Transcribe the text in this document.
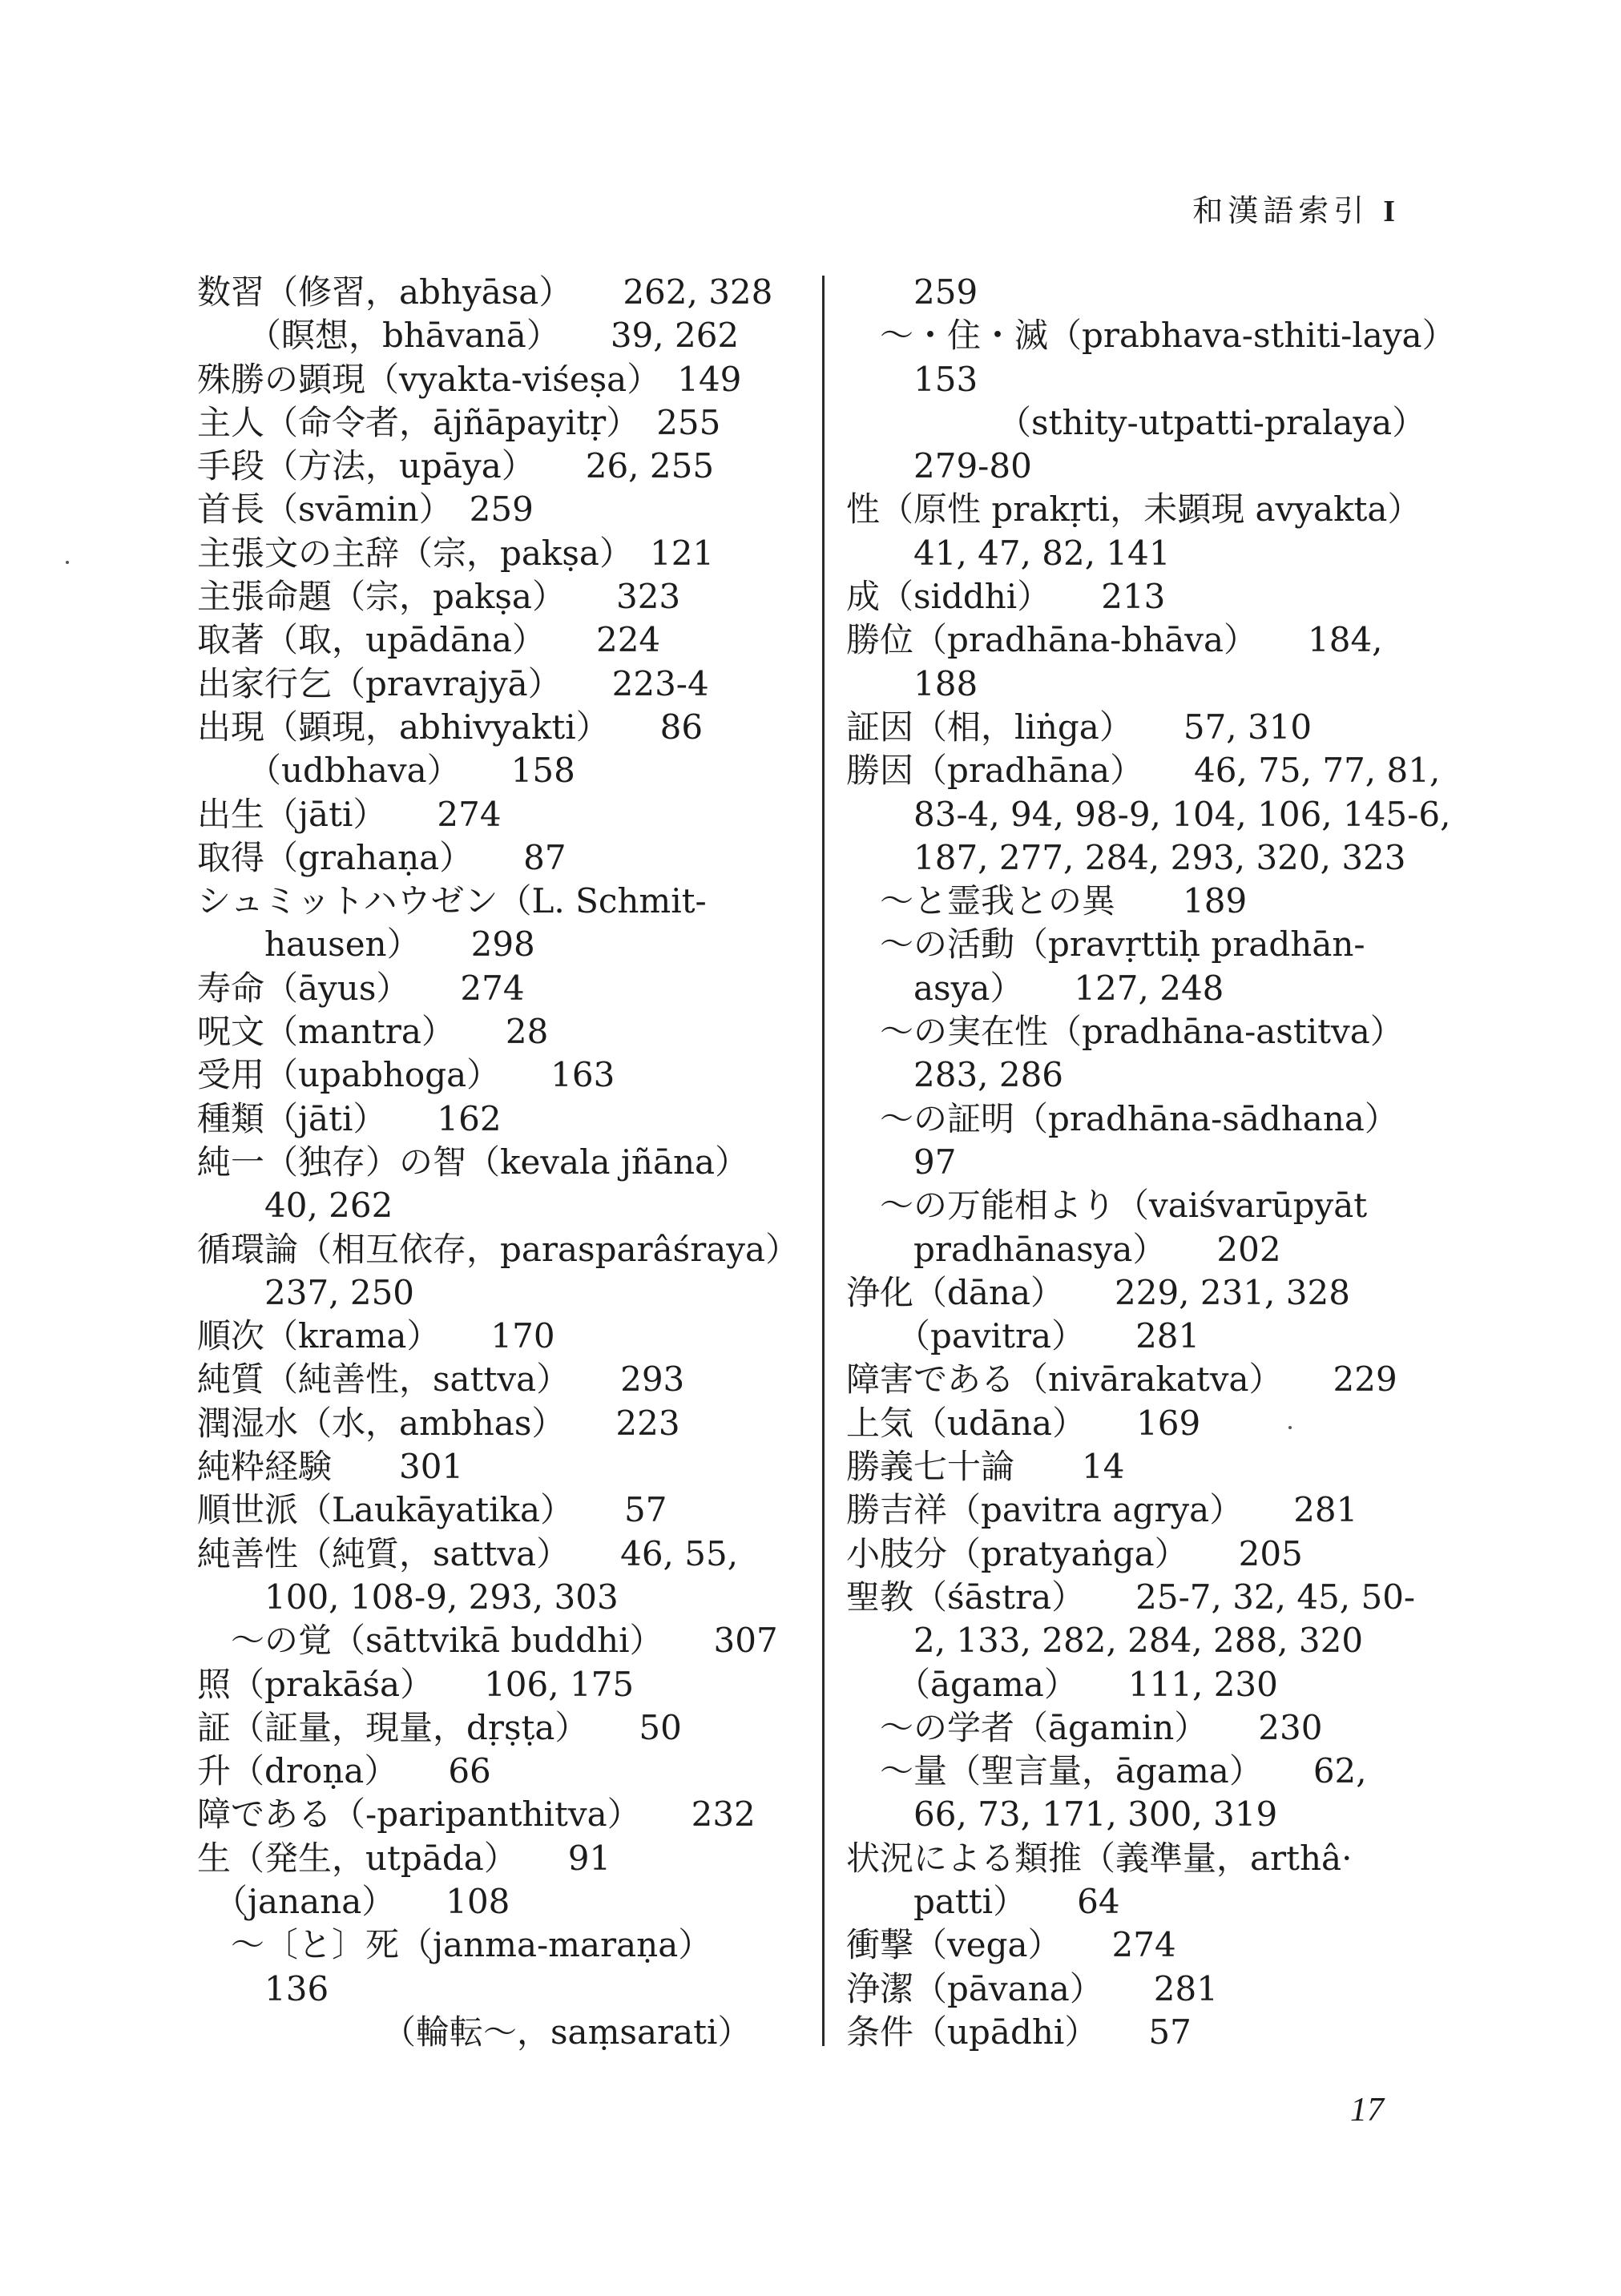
和漢語索引 I
数習（修習，abhyāsa）　　262, 328
　　（瞑想，bhāvanā）　　39, 262
殊勝の顕現（vyakta-viśeṣa）　149
主人（命令者，ājñāpayitṛ）　255
手段（方法，upāya）　　26, 255
首長（svāmin）　259
主張文の主辞（宗，pakṣa）　121
主張命題（宗，pakṣa）　　323
取著（取，upādāna）　　224
出家行乞（pravrajyā）　　223-4
出現（顕現，abhivyakti）　　86
　　（udbhava）　　158
出生（jāti）　　274
取得（grahaṇa）　　87
シュミットハウゼン（L. Schmit-
　　hausen）　　298
寿命（āyus）　　274
呪文（mantra）　　28
受用（upabhoga）　　163
種類（jāti）　　162
純一（独存）の智（kevala jñāna）
　　40, 262
循環論（相互依存，parasparâśraya）
　　237, 250
順次（krama）　　170
純質（純善性，sattva）　　293
潤湿水（水，ambhas）　　223
純粋経験　　301
順世派（Laukāyatika）　　57
純善性（純質，sattva）　　46, 55,
　　100, 108-9, 293, 303
　～の覚（sāttvikā buddhi）　　307
照（prakāśa）　　106, 175
証（証量，現量，dṛṣṭa）　　50
升（droṇa）　　66
障である（-paripanthitva）　　232
生（発生，utpāda）　　91
　（janana）　　108
　～〔と〕死（janma-maraṇa）
　　136
　　　　　　（輪転～，saṃsarati）
　　259
　～・住・滅（prabhava-sthiti-laya）
　　153
　　　　　（sthity-utpatti-pralaya）
　　279-80
性（原性 prakṛti，未顕現 avyakta）
　　41, 47, 82, 141
成（siddhi）　　213
勝位（pradhāna-bhāva）　　184,
　　188
証因（相，liṅga）　　57, 310
勝因（pradhāna）　　46, 75, 77, 81,
　　83-4, 94, 98-9, 104, 106, 145-6,
　　187, 277, 284, 293, 320, 323
　～と霊我との異　　189
　～の活動（pravṛttiḥ pradhān-
　　asya）　　127, 248
　～の実在性（pradhāna-astitva）
　　283, 286
　～の証明（pradhāna-sādhana）
　　97
　～の万能相より（vaiśvarūpyāt
　　pradhānasya）　　202
浄化（dāna）　　229, 231, 328
　　（pavitra）　　281
障害である（nivārakatva）　　229
上気（udāna）　　169
勝義七十論　　14
勝吉祥（pavitra agrya）　　281
小肢分（pratyaṅga）　　205
聖教（śāstra）　　25-7, 32, 45, 50-
　　2, 133, 282, 284, 288, 320
　　（āgama）　　111, 230
　～の学者（āgamin）　　230
　～量（聖言量，āgama）　　62,
　　66, 73, 171, 300, 319
状況による類推（義準量，arthâ·
　　patti）　　64
衝撃（vega）　　274
浄潔（pāvana）　　281
条件（upādhi）　　57
17
